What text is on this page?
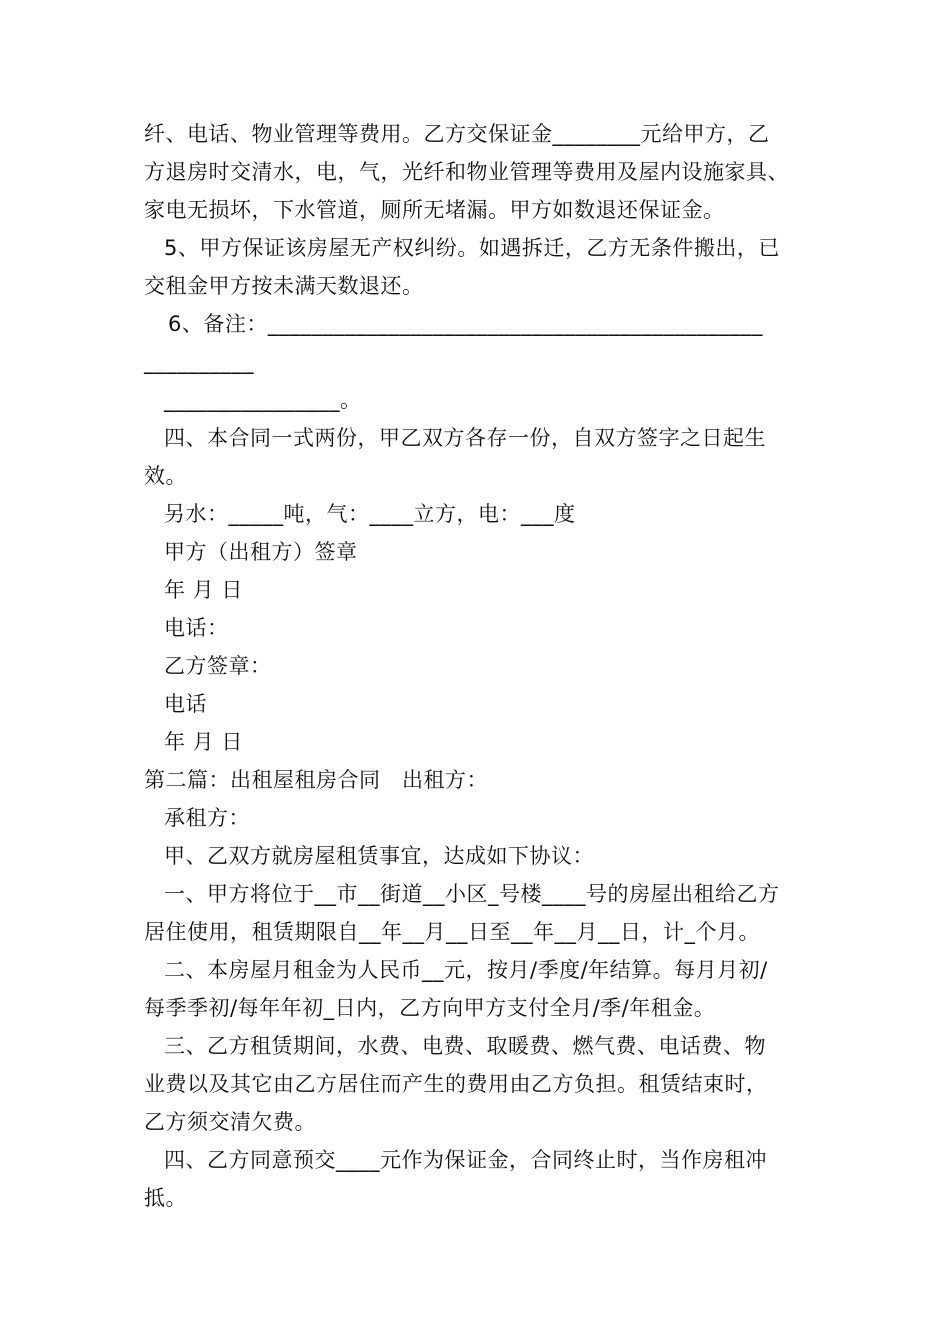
纤、电话、物业管理等费用。乙方交保证金________元给甲方，乙
方退房时交清水，电，气，光纤和物业管理等费用及屋内设施家具、
家电无损坏，下水管道，厕所无堵漏。甲方如数退还保证金。
5、甲方保证该房屋无产权纠纷。如遇拆迁，乙方无条件搬出，已
交租金甲方按未满天数退还。
6、备注：_____________________________________________
__________
________________。
四、本合同一式两份，甲乙双方各存一份，自双方签字之日起生
效。
另水：_____吨，气：____立方，电：___度
甲方（出租方）签章
年 月 日
电话：
乙方签章：
电话
年 月 日
第二篇：出租屋租房合同　出租方：
承租方：
甲、乙双方就房屋租赁事宜，达成如下协议：
一、甲方将位于__市__街道__小区_号楼____号的房屋出租给乙方
居住使用，租赁期限自__年__月__日至__年__月__日，计_个月。
二、本房屋月租金为人民币__元，按月/季度/年结算。每月月初/
每季季初/每年年初_日内，乙方向甲方支付全月/季/年租金。
三、乙方租赁期间，水费、电费、取暖费、燃气费、电话费、物
业费以及其它由乙方居住而产生的费用由乙方负担。租赁结束时，
乙方须交清欠费。
四、乙方同意预交____元作为保证金，合同终止时，当作房租冲
抵。
